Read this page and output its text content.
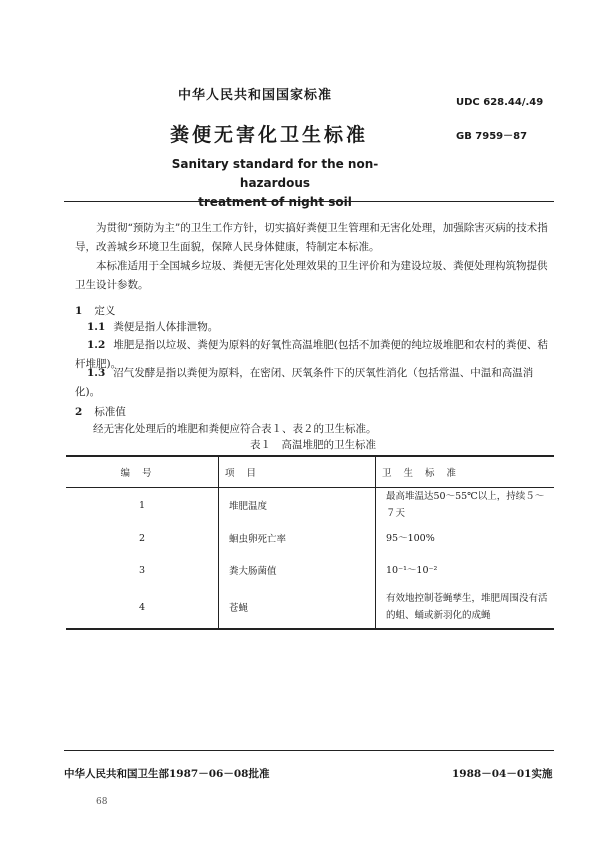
中华人民共和国国家标准	UDC 628.44/.49
粪便无害化卫生标准	GB 7959－87
Sanitary standard for the non-hazardous
treatment of night soil
为贯彻“预防为主”的卫生工作方针，切实搞好粪便卫生管理和无害化处理，加强除害灭病的技术指导，改善城乡环境卫生面貌，保障人民身体健康，特制定本标准。
本标准适用于全国城乡垃圾、粪便无害化处理效果的卫生评价和为建设垃圾、粪便处理构筑物提供卫生设计参数。
1 定义
1.1 粪便是指人体排泄物。
1.2 堆肥是指以垃圾、粪便为原料的好氧性高温堆肥(包括不加粪便的纯垃圾堆肥和农村的粪便、秸杆堆肥)。
1.3 沼气发酵是指以粪便为原料，在密闭、厌氧条件下的厌氧性消化（包括常温、中温和高温消化)。
2 标准值
经无害化处理后的堆肥和粪便应符合表１、表２的卫生标准。
表１　高温堆肥的卫生标准
编号	项目	卫生标准
1	堆肥温度	最高堆温达50～55℃以上，持续５～７天
2	蛔虫卵死亡率	95～100%
3	粪大肠菌值	10⁻¹～10⁻²
4	苍蝇	有效地控制苍蝇孳生，堆肥周围没有活的蛆、蛹或新羽化的成蝇
中华人民共和国卫生部1987－06－08批准	1988－04－01实施
68
